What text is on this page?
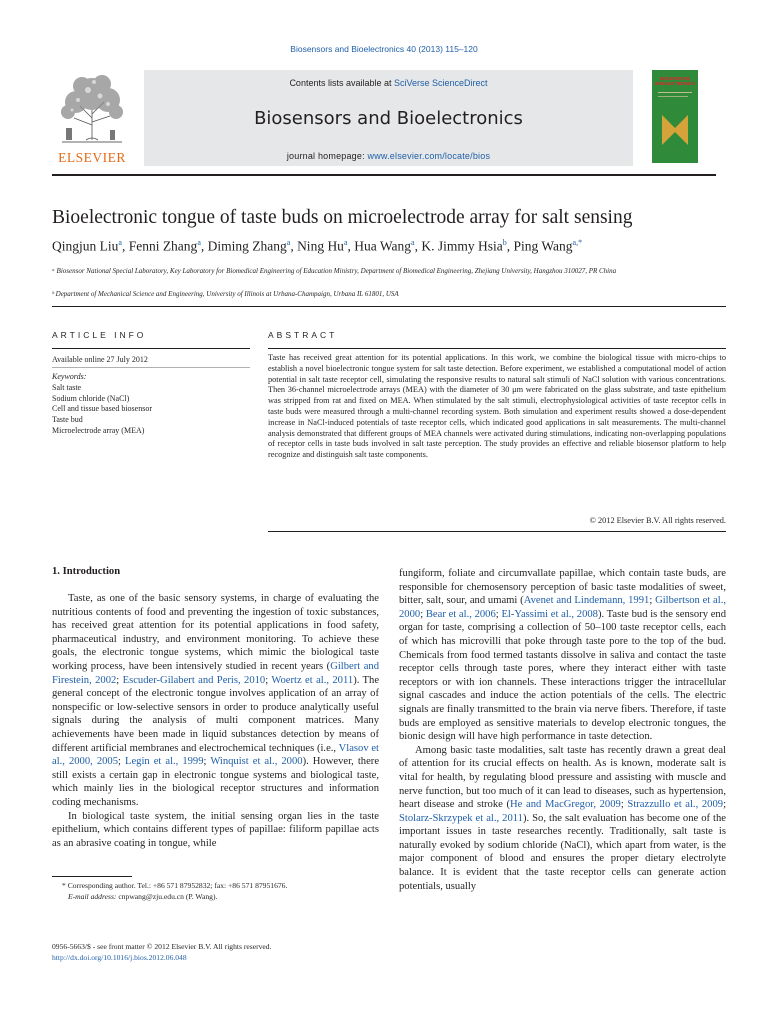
Biosensors and Bioelectronics 40 (2013) 115–120
ELSEVIER
Contents lists available at SciVerse ScienceDirect
Biosensors and Bioelectronics
journal homepage: www.elsevier.com/locate/bios
BIOSENSORS BIOELECTRONICS
Bioelectronic tongue of taste buds on microelectrode array for salt sensing
Qingjun Liu$^a$, Fenni Zhang$^a$, Diming Zhang$^a$, Ning Hu$^a$, Hua Wang$^a$, K. Jimmy Hsia$^b$, Ping Wang$^{a,*}$
ᵃ Biosensor National Special Laboratory, Key Laboratory for Biomedical Engineering of Education Ministry, Department of Biomedical Engineering, Zhejiang University, Hangzhou 310027, PR China
ᵇ Department of Mechanical Science and Engineering, University of Illinois at Urbana-Champaign, Urbana IL 61801, USA
ARTICLE INFO	ABSTRACT
Available online 27 July 2012
Keywords:
Salt taste
Sodium chloride (NaCl)
Cell and tissue based biosensor
Taste bud
Microelectrode array (MEA)
Taste has received great attention for its potential applications. In this work, we combine the biological tissue with micro-chips to establish a novel bioelectronic tongue system for salt taste detection. Before experiment, we established a computational model of action potential in salt taste receptor cell, simulating the responsive results to natural salt stimuli of NaCl solution with various concentrations. Then 36-channel microelectrode arrays (MEA) with the diameter of 30 μm were fabricated on the glass substrate, and taste epithelium was stripped from rat and fixed on MEA. When stimulated by the salt stimuli, electrophysiological activities of taste receptor cells in taste buds were measured through a multi-channel recording system. Both simulation and experiment results showed a dose-dependent increase in NaCl-induced potentials of taste receptor cells, which indicated good applications in salt measurements. The multi-channel analysis demonstrated that different groups of MEA channels were activated during stimulations, indicating non-overlapping populations of receptor cells in taste buds involved in salt taste perception. The study provides an effective and reliable biosensor platform to help recognize and distinguish salt taste components.
© 2012 Elsevier B.V. All rights reserved.
1. Introduction

Taste, as one of the basic sensory systems, in charge of evaluating the nutritious contents of food and preventing the ingestion of toxic substances, has received great attention for its potential applications in food safety, pharmaceutical industry, and environment monitoring. To achieve these goals, the electronic tongue systems, which mimic the biological taste working process, have been intensively studied in recent years (Gilbert and Firestein, 2002; Escuder-Gilabert and Peris, 2010; Woertz et al., 2011). The general concept of the electronic tongue involves application of an array of nonspecific or low-selective sensors in order to produce analytically useful signals during the analysis of multi component matrices. Many achievements have been made in liquid substances detection by means of different artificial membranes and electrochemical techniques (i.e., Vlasov et al., 2000, 2005; Legin et al., 1999; Winquist et al., 2000). However, there still exists a certain gap in electronic tongue systems and biological taste, which mainly lies in the biological receptor structures and information coding mechanisms.

In biological taste system, the initial sensing organ lies in the taste epithelium, which contains different types of papillae: filiform papillae acts as an abrasive coating in tongue, while

fungiform, foliate and circumvallate papillae, which contain taste buds, are responsible for chemosensory perception of basic taste modalities of sweet, bitter, salt, sour, and umami (Avenet and Lindemann, 1991; Gilbertson et al., 2000; Bear et al., 2006; El-Yassimi et al., 2008). Taste bud is the sensory end organ for taste, comprising a collection of 50–100 taste receptor cells, each of which has microvilli that poke through taste pore to the top of the bud. Chemicals from food termed tastants dissolve in saliva and contact the taste receptor cells through taste pores, where they interact either with taste receptors or with ion channels. These interactions trigger the intracellular signal cascades and induce the action potentials of the cells. The electric signals are finally transmitted to the brain via nerve fibers. Therefore, if taste buds are employed as sensitive materials to develop electronic tongues, the bionic design will have high performance in taste detection.

Among basic taste modalities, salt taste has recently drawn a great deal of attention for its crucial effects on health. As is known, moderate salt is vital for health, by regulating blood pressure and assisting with muscle and nerve function, but too much of it can lead to diseases, such as hypertension, heart disease and stroke (He and MacGregor, 2009; Strazzullo et al., 2009; Stolarz-Skrzypek et al., 2011). So, the salt evaluation has become one of the important issues in taste researches recently. Traditionally, salt taste is naturally evoked by sodium chloride (NaCl), which apart from water, is the major component of blood and ensures the proper dietary electrolyte balance. It is evident that the taste receptor cells can generate action potentials, usually

* Corresponding author. Tel.: +86 571 87952832; fax: +86 571 87951676.
E-mail address: cnpwang@zju.edu.cn (P. Wang).
0956-5663/$ - see front matter © 2012 Elsevier B.V. All rights reserved.
http://dx.doi.org/10.1016/j.bios.2012.06.048
